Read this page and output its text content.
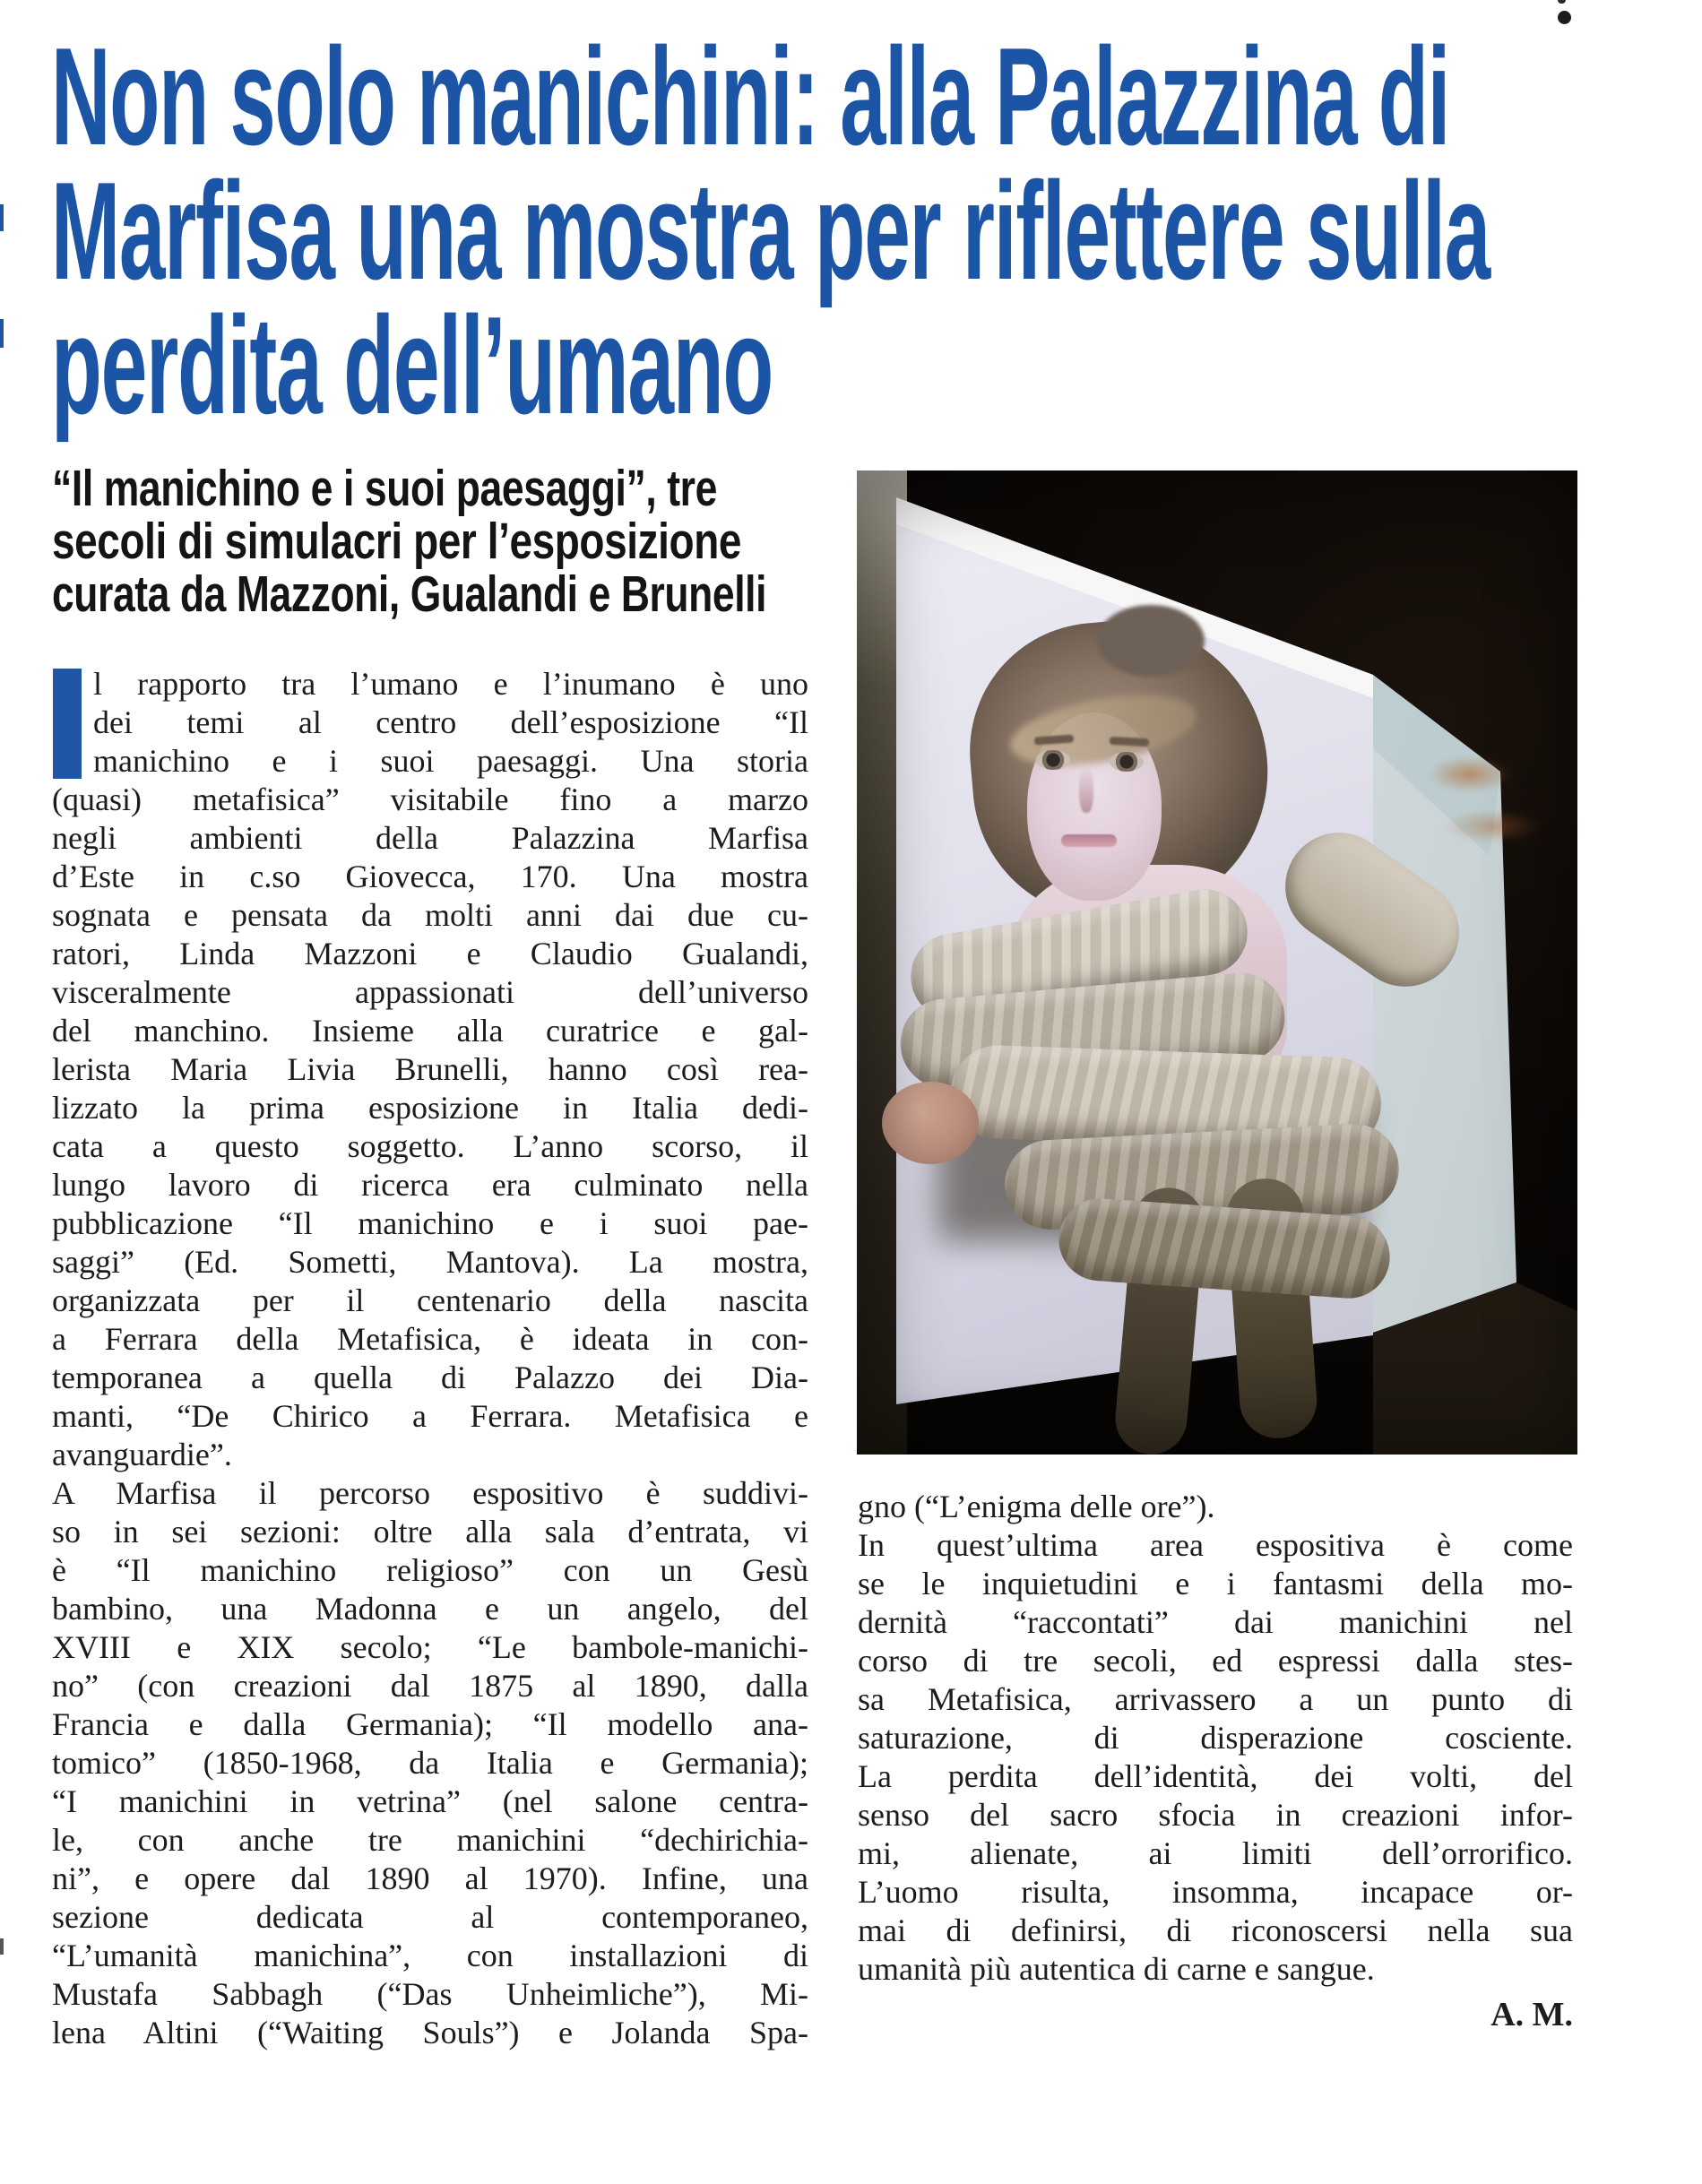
Non solo manichini: alla Palazzina di
Marfisa una mostra per riflettere sulla
perdita dell’umano
“Il manichino e i suoi paesaggi”, tre
secoli di simulacri per l’esposizione
curata da Mazzoni, Gualandi e Brunelli
l rapporto tra l’umano e l’inumano è uno
dei temi al centro dell’esposizione “Il
manichino e i suoi paesaggi. Una storia
(quasi) metafisica” visitabile fino a marzo
negli ambienti della Palazzina Marfisa
d’Este in c.so Giovecca, 170. Una mostra
sognata e pensata da molti anni dai due cu-
ratori, Linda Mazzoni e Claudio Gualandi,
visceralmente appassionati dell’universo
del manchino. Insieme alla curatrice e gal-
lerista Maria Livia Brunelli, hanno così rea-
lizzato la prima esposizione in Italia dedi-
cata a questo soggetto. L’anno scorso, il
lungo lavoro di ricerca era culminato nella
pubblicazione “Il manichino e i suoi pae-
saggi” (Ed. Sometti, Mantova). La mostra,
organizzata per il centenario della nascita
a Ferrara della Metafisica, è ideata in con-
temporanea a quella di Palazzo dei Dia-
manti, “De Chirico a Ferrara. Metafisica e
avanguardie”.
A Marfisa il percorso espositivo è suddivi-
so in sei sezioni: oltre alla sala d’entrata, vi
è “Il manichino religioso” con un Gesù
bambino, una Madonna e un angelo, del
XVIII e XIX secolo; “Le bambole-manichi-
no” (con creazioni dal 1875 al 1890, dalla
Francia e dalla Germania); “Il modello ana-
tomico” (1850-1968, da Italia e Germania);
“I manichini in vetrina” (nel salone centra-
le, con anche tre manichini “dechirichia-
ni”, e opere dal 1890 al 1970). Infine, una
sezione dedicata al contemporaneo,
“L’umanità manichina”, con installazioni di
Mustafa Sabbagh (“Das Unheimliche”), Mi-
lena Altini (“Waiting Souls”) e Jolanda Spa-
gno (“L’enigma delle ore”).
In quest’ultima area espositiva è come
se le inquietudini e i fantasmi della mo-
dernità “raccontati” dai manichini nel
corso di tre secoli, ed espressi dalla stes-
sa Metafisica, arrivassero a un punto di
saturazione, di disperazione cosciente.
La perdita dell’identità, dei volti, del
senso del sacro sfocia in creazioni infor-
mi, alienate, ai limiti dell’orrorifico.
L’uomo risulta, insomma, incapace or-
mai di definirsi, di riconoscersi nella sua
umanità più autentica di carne e sangue.
A. M.
